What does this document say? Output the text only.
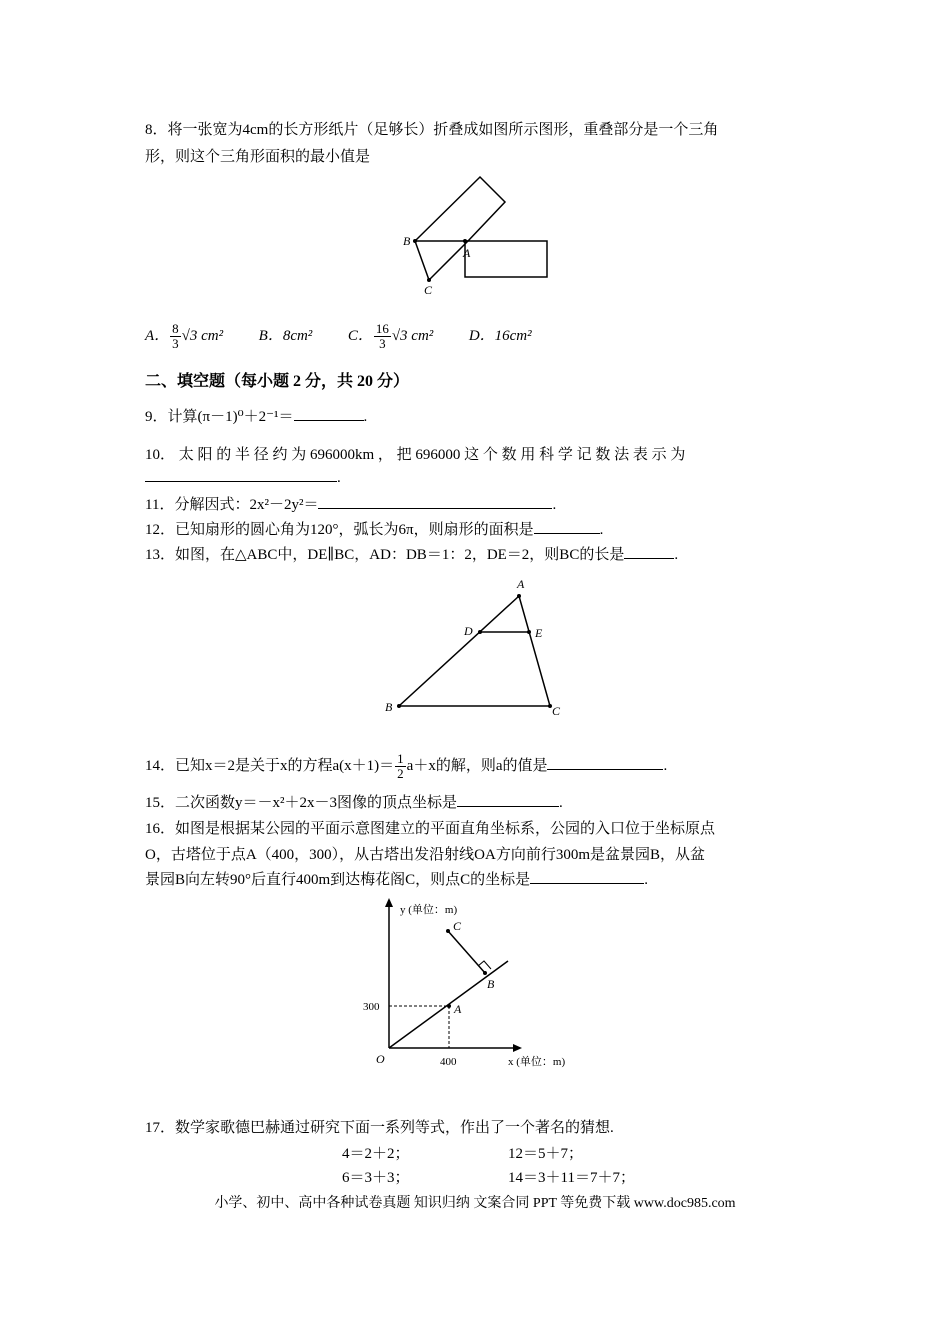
8．将一张宽为4cm的长方形纸片（足够长）折叠成如图所示图形，重叠部分是一个三角
形，则这个三角形面积的最小值是
B
A
C
A． $\frac{8}{3} √3$ cm² B．8cm² C． $\frac{16}{3} √3$ cm² D．16cm²
二、填空题（每小题 2 分，共 20 分）
9．计算(π－1)⁰＋2⁻¹＝	.
10． 太 阳 的 半 径 约 为 696000km ， 把 696000 这 个 数 用 科 学 记 数 法 表 示 为
.
11．分解因式：2x²－2y²＝	.
12．已知扇形的圆心角为120°，弧长为6π，则扇形的面积是	.
13．如图，在△ABC中，DE∥BC，AD：DB＝1：2，DE＝2，则BC的长是	.
A
D	E
B	C
14．已知x＝2是关于x的方程$a(x+1)= \frac{1}{2} a+x$的解，则a的值是	.
15．二次函数y＝－x²＋2x－3图像的顶点坐标是	.
16．如图是根据某公园的平面示意图建立的平面直角坐标系，公园的入口位于坐标原点
O，古塔位于点A（400，300），从古塔出发沿射线OA方向前行300m是盆景园B，从盆
景园B向左转90°后直行400m到达梅花阁C，则点C的坐标是	.
y (单位：m)
x (单位：m)
300
400
O
A
B
C
17．数学家歌德巴赫通过研究下面一系列等式，作出了一个著名的猜想.
4＝2＋2；	12＝5＋7；
6＝3＋3；	14＝3＋11＝7＋7；
小学、初中、高中各种试卷真题 知识归纳 文案合同 PPT 等免费下载 www.doc985.com
